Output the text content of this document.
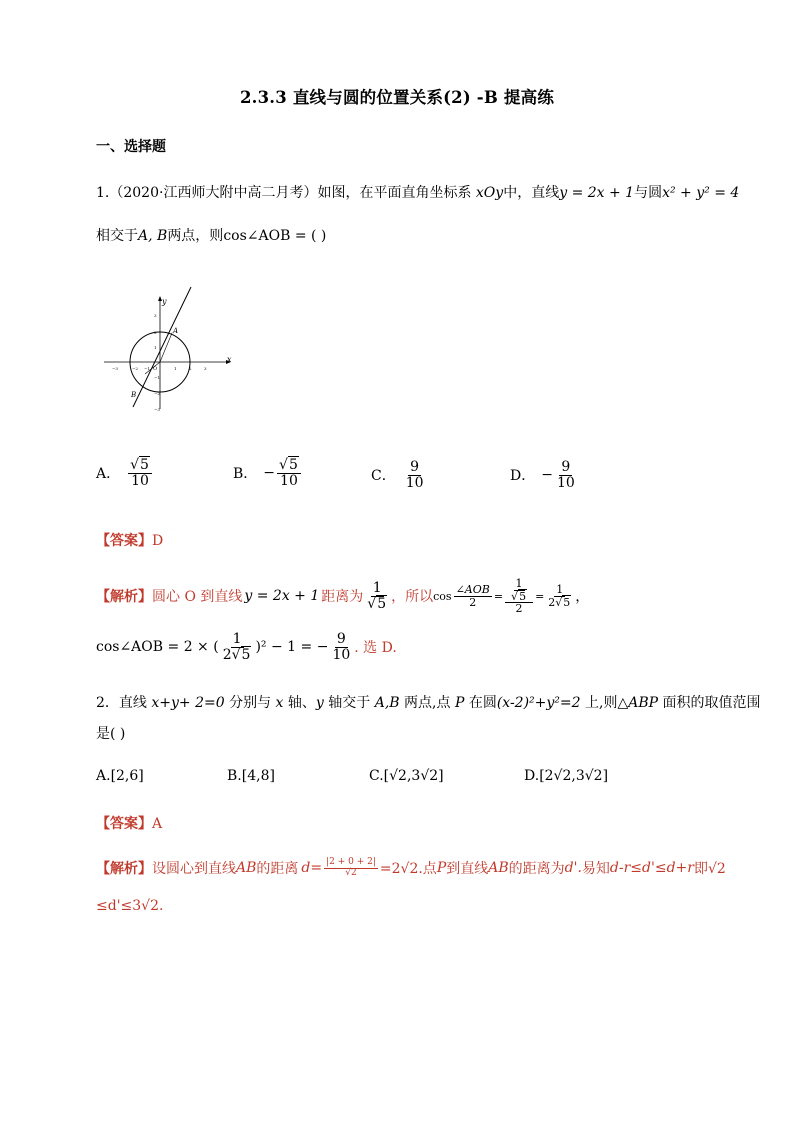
2.3.3 直线与圆的位置关系(2) -B 提高练
一、选择题
1.（2020·江西师大附中高二月考）如图，在平面直角坐标系 xOy中，直线y = 2x + 1与圆x² + y² = 4
相交于A, B两点，则cos∠AOB = ( )
x
y
A
B
O
−3	−2 −1	1	2	3
3
2
1
−1
−2
−3
A． $\frac{√5}{10}$	B． − $\frac{√5}{10}$	C． $\frac{9}{10}$	D． − $\frac{9}{10}$
【答案】D
【解析】 圆心 O 到直线 y = 2x + 1 距离为 $\frac{1}{√5}$ ，所以 $\cos \frac{\text{∠AOB}}{2} = \frac{\frac{1}{√5}}{2} = \frac{1}{2√5}$ ，
cos∠AOB = 2 × ( $\frac{1}{2√5} )^2 - 1$ = − $\frac{9}{10}$ . 选 D.
2．直线 x+y+ 2=0 分别与 x 轴、y 轴交于 A,B 两点,点 P 在圆(x-2)²+y²=2 上,则△ABP 面积的取值范围
是( )
A.[2,6]	B.[4,8]	C.[√2,3√2]	D.[2√2,3√2]
【答案】A
【解析】 设圆心到直线 AB 的距离 $d= \frac{|2 + 0 + 2|}{√2} =2√2$.点 P 到直线 AB 的距离为 d'. 易知 d-r≤d'≤d+r 即√2
≤d'≤3√2.
